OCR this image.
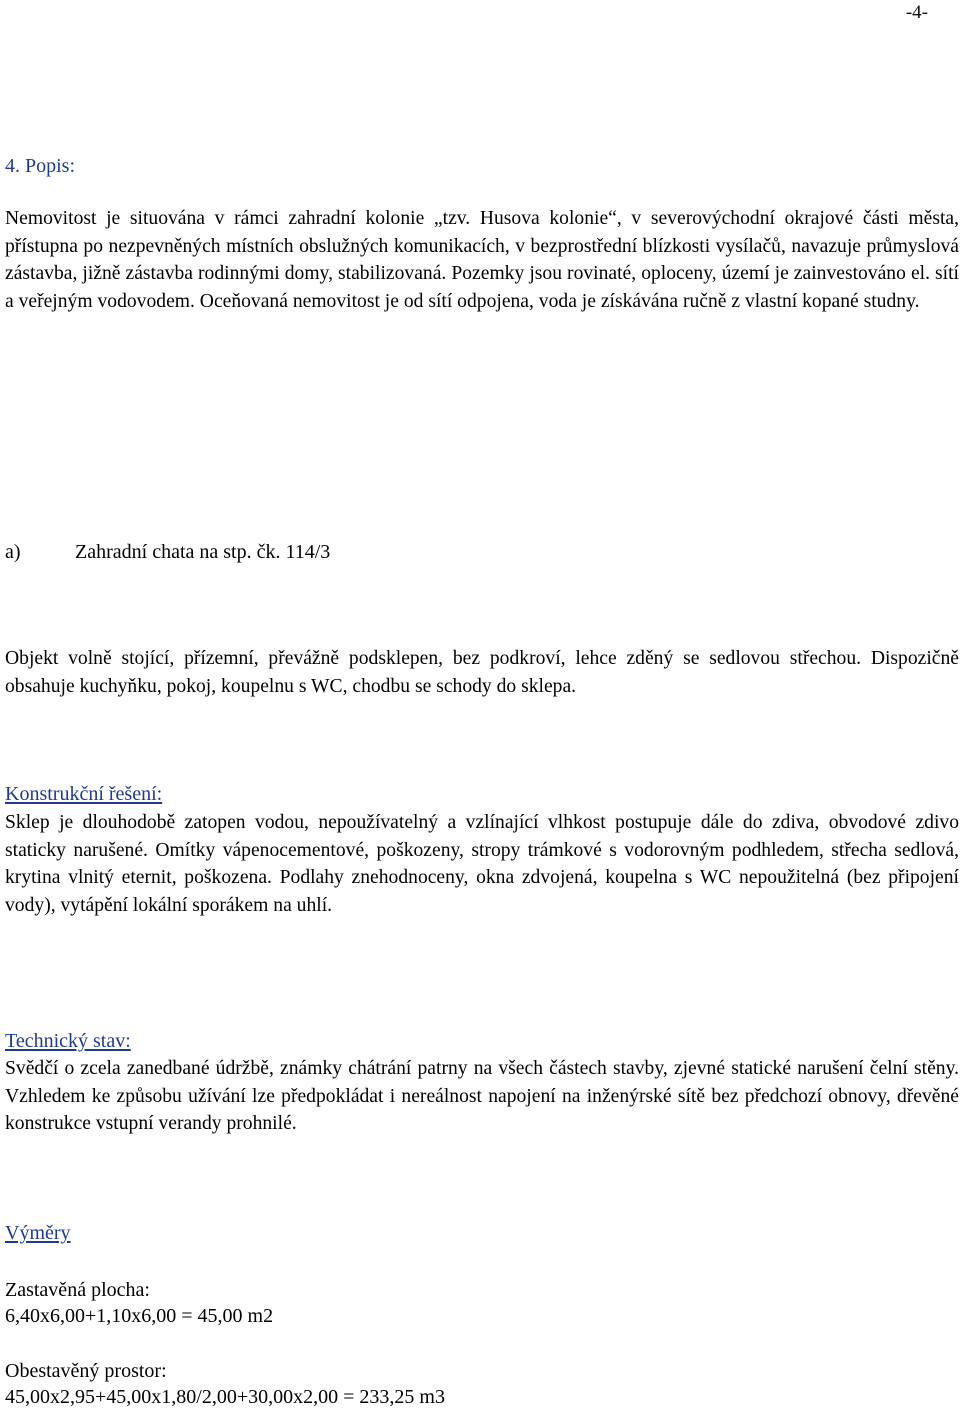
-4-
4. Popis:

Nemovitost je situována v rámci zahradní kolonie „tzv. Husova kolonie“, v severovýchodní okrajové části města, přístupna po nezpevněných místních obslužných komunikacích, v bezprostřední blízkosti vysílačů, navazuje průmyslová zástavba, jižně zástavba rodinnými domy, stabilizovaná. Pozemky jsou rovinaté, oploceny, území je zainvestováno el. sítí a veřejným vodovodem. Oceňovaná nemovitost je od sítí odpojena, voda je získávána ručně z vlastní kopané studny.

a)	Zahradní chata na stp. čk. 114/3

Objekt volně stojící, přízemní, převážně podsklepen, bez podkroví, lehce zděný se sedlovou střechou. Dispozičně obsahuje kuchyňku, pokoj, koupelnu s WC, chodbu se schody do sklepa.

Konstrukční řešení:

Sklep je dlouhodobě zatopen vodou, nepoužívatelný a vzlínající vlhkost postupuje dále do zdiva, obvodové zdivo staticky narušené. Omítky vápenocementové, poškozeny, stropy trámkové s vodorovným podhledem, střecha sedlová, krytina vlnitý eternit, poškozena. Podlahy znehodnoceny, okna zdvojená, koupelna s WC nepoužitelná (bez připojení vody), vytápění lokální sporákem na uhlí.

Technický stav:

Svědčí o zcela zanedbané údržbě, známky chátrání patrny na všech částech stavby, zjevné statické narušení čelní stěny. Vzhledem ke způsobu užívání lze předpokládat i nereálnost napojení na inženýrské sítě bez předchozí obnovy, dřevěné konstrukce vstupní verandy prohnilé.

Výměry
Zastavěná plocha:
6,40x6,00+1,10x6,00 = 45,00 m2
Obestavěný prostor:
45,00x2,95+45,00x1,80/2,00+30,00x2,00 = 233,25 m3
